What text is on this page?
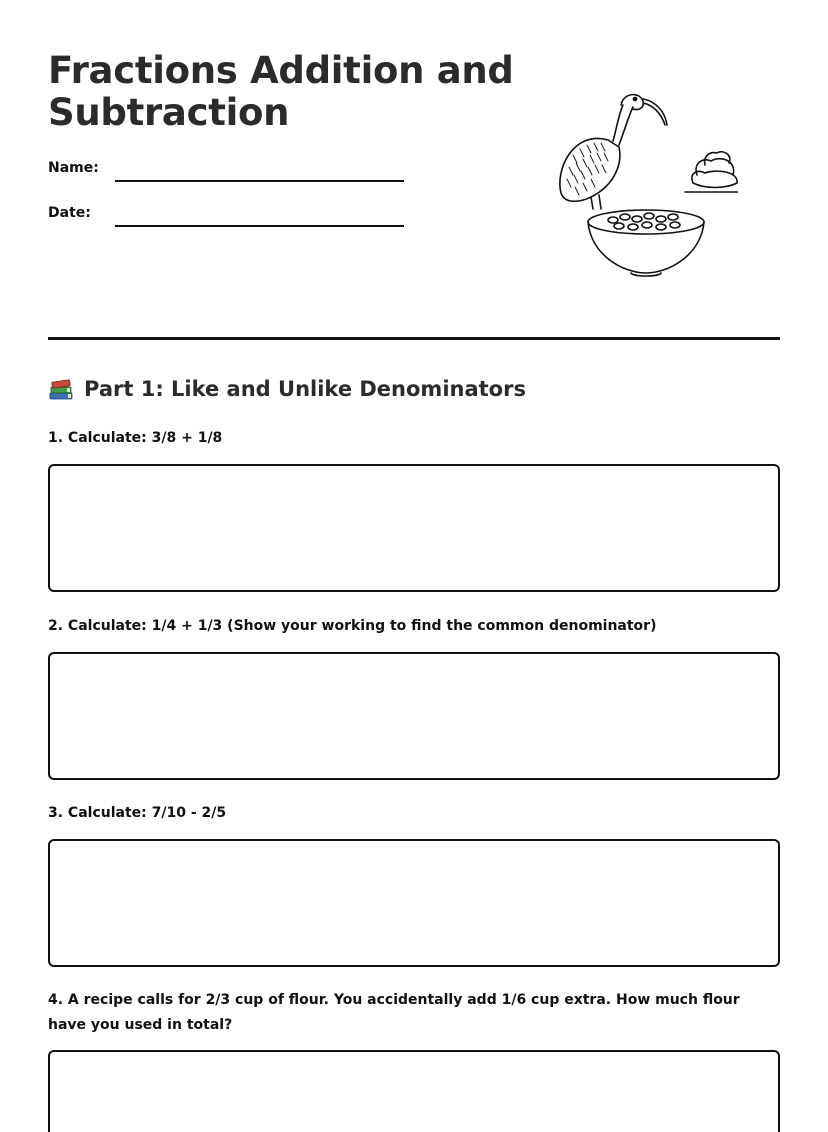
Fractions Addition and Subtraction
Name:
Date:
Part 1: Like and Unlike Denominators

1. Calculate: 3/8 + 1/8

2. Calculate: 1/4 + 1/3 (Show your working to find the common denominator)

3. Calculate: 7/10 - 2/5

4. A recipe calls for 2/3 cup of flour. You accidentally add 1/6 cup extra. How much flour have you used in total?
